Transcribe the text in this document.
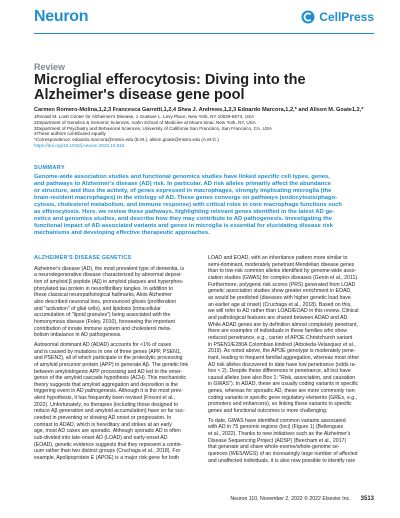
Neuron	CellPress
Review
Microglial efferocytosis: Diving into the Alzheimer's disease gene pool
Carmen Romero-Molina,1,2,3 Francesca Garretti,1,2,4 Shea J. Andrews,1,2,3 Edoardo Marcora,1,2,* and Alison M. Goate1,2,*
1Ronald M. Loeb Center for Alzheimer's Disease, 1 Gustave L. Levy Place, New York, NY 10029-6574, USA
2Department of Genetics & Genomic Sciences, Icahn School of Medicine at Mount Sinai, New York, NY, USA
3Department of Psychiatry and Behavioral Sciences, University of California San Francisco, San Francisco, CA, USA
4These authors contributed equally
*Correspondence: edoardo.marcora@mssm.edu (E.M.), alison.goate@mssm.edu (A.M.G.)
https://doi.org/10.1016/j.neuron.2022.10.015
SUMMARY
Genome-wide association studies and functional genomics studies have linked specific cell types, genes,
and pathways to Alzheimer's disease (AD) risk. In particular, AD risk alleles primarily affect the abundance
or structure, and thus the activity, of genes expressed in macrophages, strongly implicating microglia (the
brain-resident macrophages) in the etiology of AD. These genes converge on pathways (endocytosis/phago-
cytosis, cholesterol metabolism, and immune response) with critical roles in core macrophage functions such
as efferocytosis. Here, we review these pathways, highlighting relevant genes identified in the latest AD ge-
netics and genomics studies, and describe how they may contribute to AD pathogenesis. Investigating the
functional impact of AD-associated variants and genes in microglia is essential for elucidating disease risk
mechanisms and developing effective therapeutic approaches.
ALZHEIMER'S DISEASE GENETICS
Alzheimer's disease (AD), the most prevalent type of dementia, is
a neurodegenerative disease characterized by abnormal deposi-
tion of amyloid β peptide (Aβ) in amyloid plaques and hyperphos-
phorylated tau protein in neurofibrillary tangles. In addition to
these classical neuropathological hallmarks, Alois Alzheimer
also described neuronal loss, pronounced gliosis (proliferation
and "activation" of glial cells), and lipidosis (intracellular
accumulation of "lipoid granules") being associated with the
homonymous disease (Foley, 2010), foreseeing the important
contribution of innate immune system and cholesterol meta-
bolism imbalance in AD pathogenesis.
Autosomal dominant AD (ADAD) accounts for <1% of cases
and is caused by mutations in one of three genes (APP, PSEN1,
and PSEN2), all of which participate in the proteolytic processing
of amyloid precursor protein (APP) to generate Aβ. The genetic link
between amyloidogenic APP processing and AD led to the emer-
gence of the amyloid cascade hypothesis (ACH). This mechanistic
theory suggests that amyloid aggregation and deposition is the
triggering event in AD pathogenesis. Although it is the most prev-
alent hypothesis, it has frequently been revised (Frisoni et al.,
2022). Unfortunately, no therapies (including those designed to
reduce Aβ generation and amyloid accumulation) have so far suc-
ceeded in preventing or slowing AD onset or progression. In
contrast to ADAD, which is hereditary and strikes at an early
age, most AD cases are sporadic. Although sporadic AD is often
sub-divided into late-onset AD (LOAD) and early-onset AD
(EOAD), genetic evidence suggests that they represent a contin-
uum rather than two distinct groups (Cruchaga et al., 2018). For
example, Apolipoprotein E (APOE) is a major risk gene for both
LOAD and EOAD, with an inheritance pattern more similar to
semi-dominant, moderately penetrant Mendelian disease genes
than to low-risk common alleles identified by genome-wide asso-
ciation studies (GWAS) for complex diseases (Genin et al., 2011).
Furthermore, polygenic risk scores (PRS) generated from LOAD
genetic association studies show greater enrichment in EOAD,
as would be predicted (diseases with higher genetic load have
an earlier age at onset) (Cruchaga et al., 2018). Based on this,
we will refer to AD rather than LOAD/EOAD in this review. Clinical
and pathological features are shared between ADAD and AD.
While ADAD genes are by definition almost completely penetrant,
there are examples of individuals in these families who show
reduced penetrance, e.g., carrier of APOE Christchurch variant
in PSEN1/E280A Colombian kindred (Arboleda-Velasquez et al.,
2019). As noted above, the APOE genotype is moderately pene-
trant, leading to frequent familial aggregation, whereas most other
AD risk alleles discovered to date have low penetrance (odds ra-
tios < 2). Despite these differences in penetrance, all loci have
causal alleles (see also Box 1: "Risk, association, and causation
in GWAS"). In ADAD, these are usually coding variants in specific
genes, whereas for sporadic AD, these are more commonly non-
coding variants in specific gene regulatory elements (GREs, e.g.,
promoters and enhancers), so linking these variants to specific
genes and functional outcomes is more challenging.
To date, GWAS have identified common variants associated
with AD in 75 genomic regions (loci) (Figure 1) (Bellenguez
et al., 2022). Thanks to new initiatives such as the Alzheimer's
Disease Sequencing Project (ADSP) (Beecham et al., 2017)
that generate and share whole-exome/whole-genome se-
quences (WES/WGS) of an increasingly large number of affected
and unaffected individuals, it is also now possible to identify rare
Neuron 110, November 2, 2022 © 2022 Elsevier Inc. 3513
